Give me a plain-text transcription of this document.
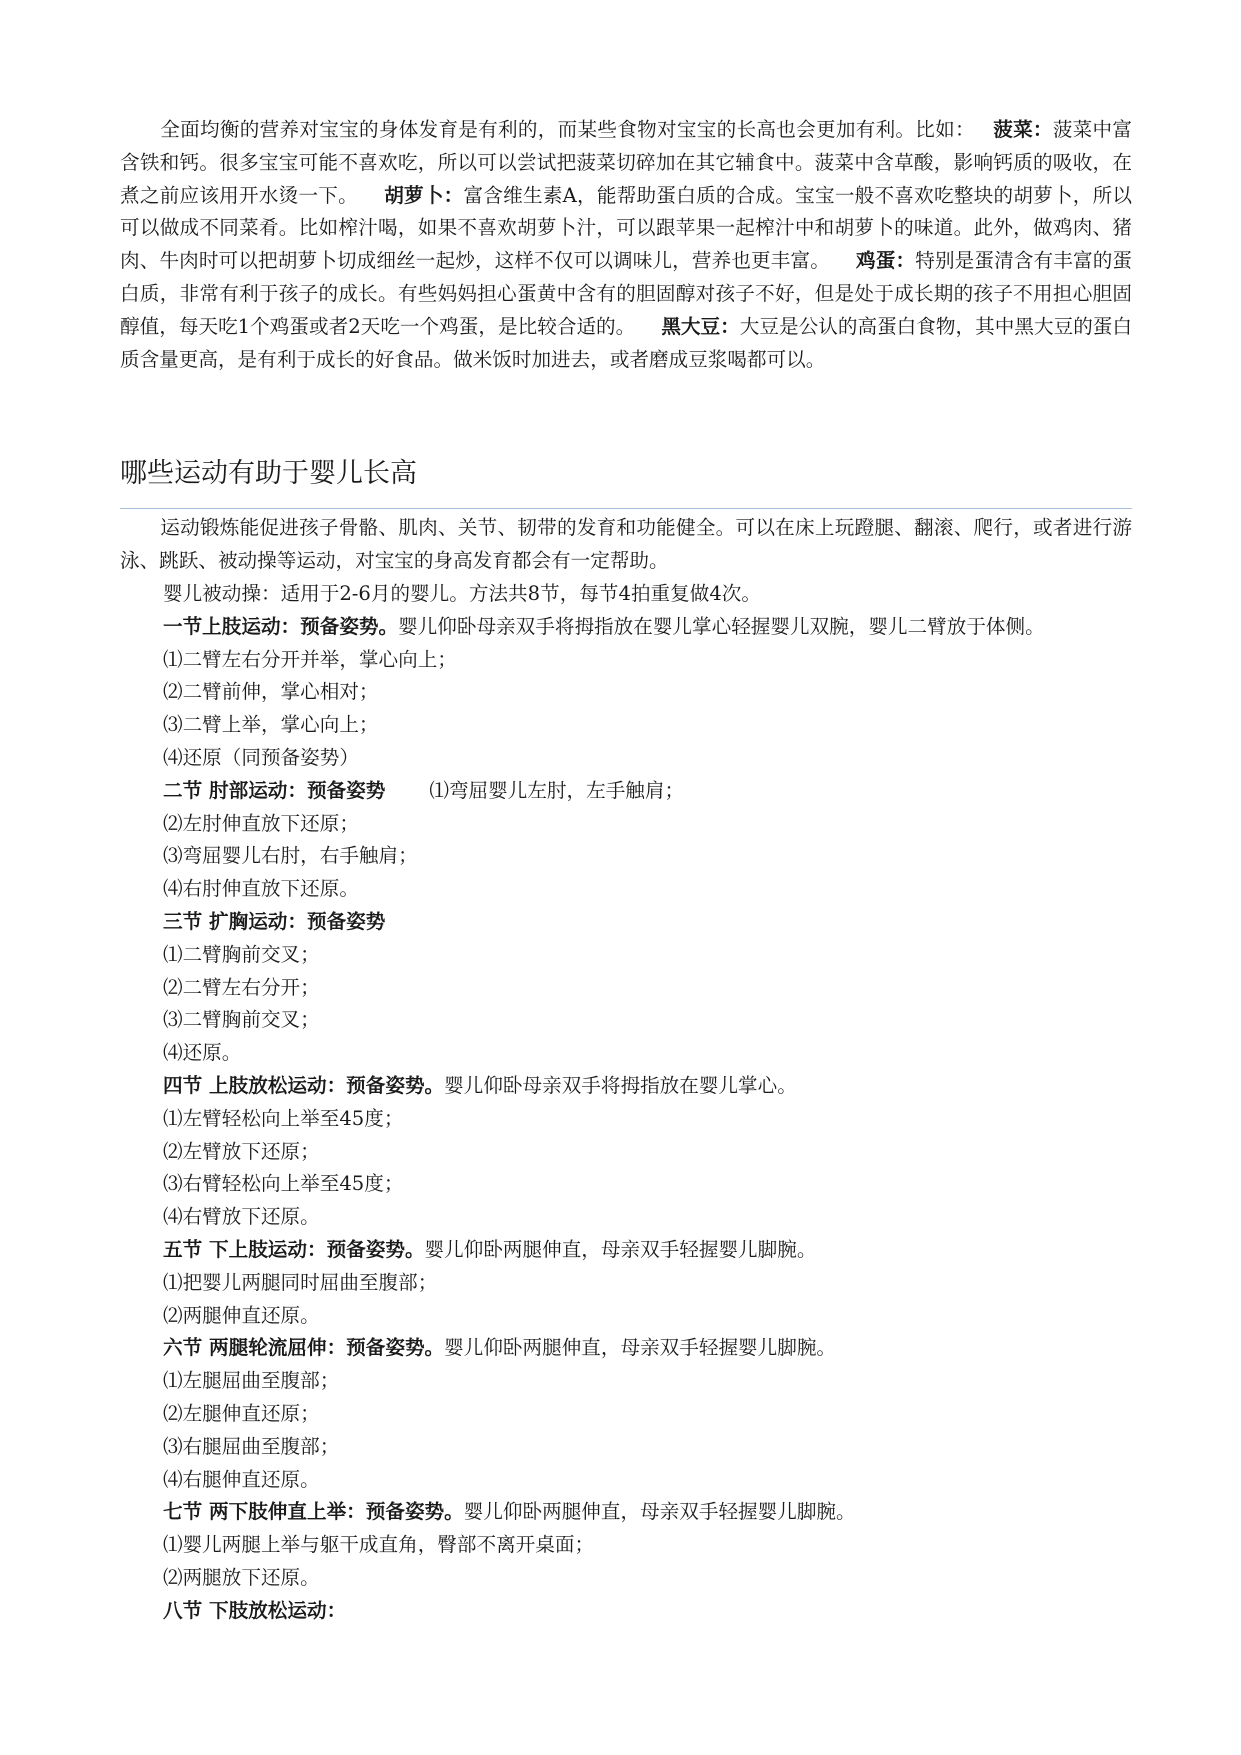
全面均衡的营养对宝宝的身体发育是有利的，而某些食物对宝宝的长高也会更加有利。比如： 菠菜：菠菜中富含铁和钙。很多宝宝可能不喜欢吃，所以可以尝试把菠菜切碎加在其它辅食中。菠菜中含草酸，影响钙质的吸收，在煮之前应该用开水烫一下。 胡萝卜：富含维生素A，能帮助蛋白质的合成。宝宝一般不喜欢吃整块的胡萝卜，所以可以做成不同菜肴。比如榨汁喝，如果不喜欢胡萝卜汁，可以跟苹果一起榨汁中和胡萝卜的味道。此外，做鸡肉、猪肉、牛肉时可以把胡萝卜切成细丝一起炒，这样不仅可以调味儿，营养也更丰富。 鸡蛋：特别是蛋清含有丰富的蛋白质，非常有利于孩子的成长。有些妈妈担心蛋黄中含有的胆固醇对孩子不好，但是处于成长期的孩子不用担心胆固醇值，每天吃1个鸡蛋或者2天吃一个鸡蛋，是比较合适的。 黑大豆：大豆是公认的高蛋白食物，其中黑大豆的蛋白质含量更高，是有利于成长的好食品。做米饭时加进去，或者磨成豆浆喝都可以。

哪些运动有助于婴儿长高

运动锻炼能促进孩子骨骼、肌肉、关节、韧带的发育和功能健全。可以在床上玩蹬腿、翻滚、爬行，或者进行游泳、跳跃、被动操等运动，对宝宝的身高发育都会有一定帮助。

婴儿被动操：适用于2-6月的婴儿。方法共8节，每节4拍重复做4次。
一节上肢运动：预备姿势。婴儿仰卧母亲双手将拇指放在婴儿掌心轻握婴儿双腕，婴儿二臂放于体侧。
⑴二臂左右分开并举，掌心向上；
⑵二臂前伸，掌心相对；
⑶二臂上举，掌心向上；
⑷还原（同预备姿势）
二节 肘部运动：预备姿势 ⑴弯屈婴儿左肘，左手触肩；
⑵左肘伸直放下还原；
⑶弯屈婴儿右肘，右手触肩；
⑷右肘伸直放下还原。
三节 扩胸运动：预备姿势
⑴二臂胸前交叉；
⑵二臂左右分开；
⑶二臂胸前交叉；
⑷还原。
四节 上肢放松运动：预备姿势。婴儿仰卧母亲双手将拇指放在婴儿掌心。
⑴左臂轻松向上举至45度；
⑵左臂放下还原；
⑶右臂轻松向上举至45度；
⑷右臂放下还原。
五节 下上肢运动：预备姿势。婴儿仰卧两腿伸直，母亲双手轻握婴儿脚腕。
⑴把婴儿两腿同时屈曲至腹部；
⑵两腿伸直还原。
六节 两腿轮流屈伸：预备姿势。婴儿仰卧两腿伸直，母亲双手轻握婴儿脚腕。
⑴左腿屈曲至腹部；
⑵左腿伸直还原；
⑶右腿屈曲至腹部；
⑷右腿伸直还原。
七节 两下肢伸直上举：预备姿势。婴儿仰卧两腿伸直，母亲双手轻握婴儿脚腕。
⑴婴儿两腿上举与躯干成直角，臀部不离开桌面；
⑵两腿放下还原。
八节 下肢放松运动：
